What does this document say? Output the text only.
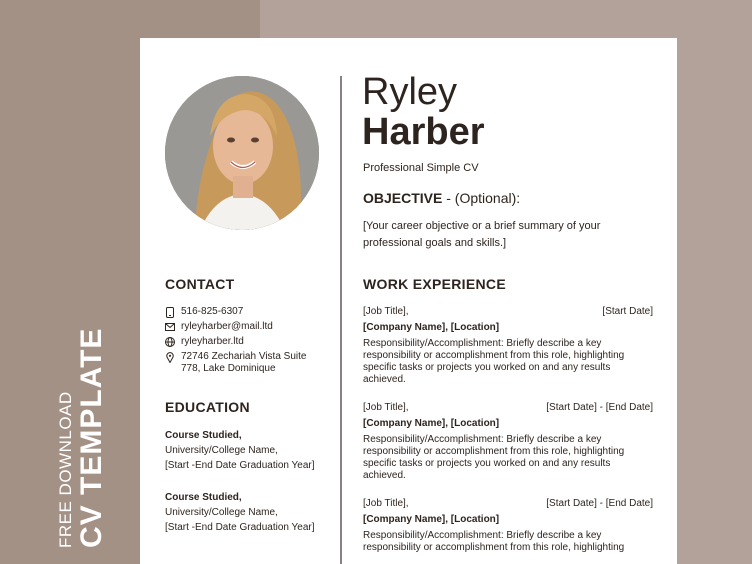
FREE DOWNLOAD CV TEMPLATE
CONTACT
516-825-6307
ryleyharber@mail.ltd
ryleyharber.ltd
72746 Zechariah Vista Suite
778, Lake Dominique
EDUCATION
Course Studied,
University/College Name,
[Start -End Date Graduation Year]
Course Studied,
University/College Name,
[Start -End Date Graduation Year]
Ryley
Harber
Professional Simple CV
OBJECTIVE - (Optional):
[Your career objective or a brief summary of your professional goals and skills.]
WORK EXPERIENCE
[Job Title],	[Start Date]
[Company Name], [Location]
Responsibility/Accomplishment: Briefly describe a key responsibility or accomplishment from this role, highlighting specific tasks or projects you worked on and any results achieved.
[Job Title],	[Start Date] - [End Date]
[Company Name], [Location]
Responsibility/Accomplishment: Briefly describe a key responsibility or accomplishment from this role, highlighting specific tasks or projects you worked on and any results achieved.
[Job Title],	[Start Date] - [End Date]
[Company Name], [Location]
Responsibility/Accomplishment: Briefly describe a key responsibility or accomplishment from this role, highlighting
